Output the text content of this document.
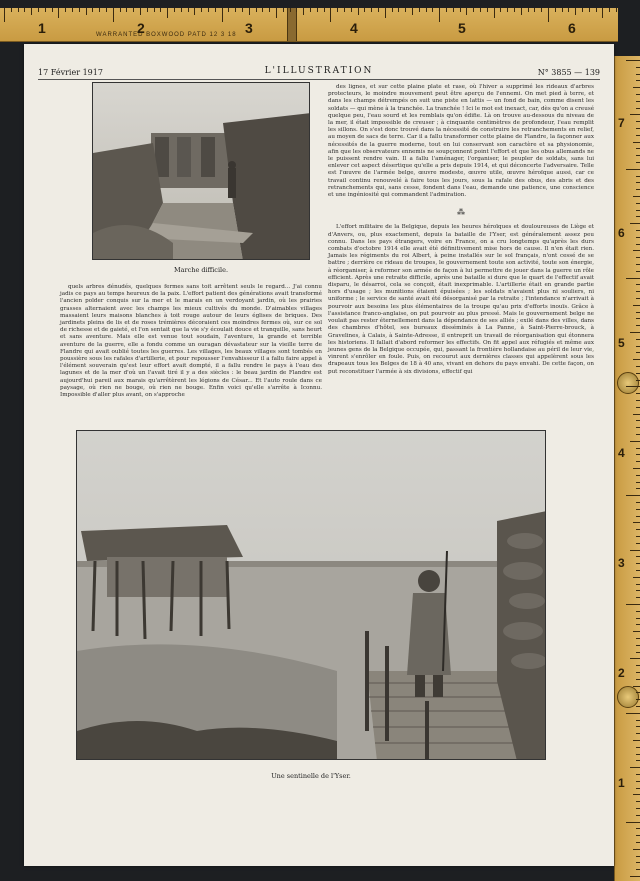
WARRANTED BOXWOOD PATD 12 3 18
1	2	3	4	5	6
7
6
5
4
3
2
1
17 Février 1917	L'ILLUSTRATION	N° 3855 — 139
Marche difficile.

des lignes, et sur cette plaine plate et rase, où l'hiver a supprimé les rideaux d'arbres protecteurs, le moindre mouvement peut être aperçu de l'ennemi. On met pied à terre, et dans les champs détrempés on suit une piste en lattis — un fond de bain, comme disent les soldats — qui mène à la tranchée. La tranchée ! Ici le mot est inexact, car, dès qu'on a creusé quelque peu, l'eau sourd et les remblais qu'on édifie. Là on trouve au-dessous du niveau de la mer, il était impossible de creuser ; à cinquante centimètres de profondeur, l'eau remplit les sillons. On s'est donc trouvé dans la nécessité de construire les retranchements en relief, au moyen de sacs de terre. Car il a fallu transformer cette plaine de Flandre, la façonner aux nécessités de la guerre moderne, tout en lui conservant son caractère et sa physionomie, afin que les observateurs ennemis ne soupçonnent point l'effort et que les obus allemands ne le puissent rendre vain. Il a fallu l'aménager, l'organiser, le peupler de soldats, sans lui enlever cet aspect désertique qu'elle a pris depuis 1914, et qui déconcerte l'adversaire. Telle est l'œuvre de l'armée belge, œuvre modeste, œuvre utile, œuvre héroïque aussi, car ce travail continu renouvelé à faire tous les jours, sous la rafale des obus, des abris et des retranchements qui, sans cesse, fondent dans l'eau, demande une patience, une conscience et une ingéniosité qui commandent l'admiration.

⁂

L'effort militaire de la Belgique, depuis les heures héroïques et douloureuses de Liège et d'Anvers, ou, plus exactement, depuis la bataille de l'Yser, est généralement assez peu connu. Dans les pays étrangers, voire en France, on a cru longtemps qu'après les durs combats d'octobre 1914 elle avait été définitivement mise hors de cause. Il n'en était rien. Jamais les régiments du roi Albert, à peine installés sur le sol français, n'ont cessé de se battre ; derrière ce rideau de troupes, le gouvernement toute son activité, toute son énergie, à réorganiser, à reformer son armée de façon à lui permettre de jouer dans la guerre un rôle efficient. Après une retraite difficile, après une bataille si dure que le quart de l'effectif avait disparu, le désarroi, cela se conçoit, était inexprimable. L'artillerie était en grande partie hors d'usage ; les munitions étaient épuisées ; les soldats n'avaient plus ni souliers, ni uniforme ; le service de santé avait été désorganisé par la retraite ; l'intendance n'arrivait à pourvoir aux besoins les plus élémentaires de la troupe qu'au prix d'efforts inouïs. Grâce à l'assistance franco-anglaise, on put pourvoir au plus pressé. Mais le gouvernement belge ne voulait pas rester éternellement dans la dépendance de ses alliés ; exilé dans des villes, dans des chambres d'hôtel, ses bureaux disséminés à La Panne, à Saint-Pierre-brouck, à Gravelines, à Calais, à Sainte-Adresse, il entreprit un travail de réorganisation qui étonnera les historiens. Il fallait d'abord reformer les effectifs. On fit appel aux réfugiés et même aux jeunes gens de la Belgique occupée, qui, passant la frontière hollandaise au péril de leur vie, vinrent s'enrôler en foule. Puis, on recourut aux dernières classes qui appelèrent sous les drapeaux tous les Belges de 18 à 40 ans, vivant en dehors du pays envahi. De cette façon, on put reconstituer l'armée à six divisions, effectif qui

quels arbres dénudés, quelques fermes sans toit arrêtent seuls le regard... J'ai connu jadis ce pays au temps heureux de la paix. L'effort patient des générations avait transformé l'ancien polder conquis sur la mer et le marais en un verdoyant jardin, où les prairies grasses alternaient avec les champs les mieux cultivés du monde. D'aimables villages massaient leurs maisons blanches à toit rouge autour de leurs églises de briques. Des jardinets pleins de lis et de roses trémières décoraient ces moindres fermes où, sur ce sol de richesse et de gaieté, et l'on sentait que la vie s'y écoulait douce et tranquille, sans heurt et sans aventure. Mais elle est venue tout soudain, l'aventure, la grande et terrible aventure de la guerre, elle a fondu comme un ouragan dévastateur sur la vieille terre de Flandre qui avait oublié toutes les guerres. Les villages, les beaux villages sont tombés en poussière sous les rafales d'artillerie, et pour repousser l'envahisseur il a fallu faire appel à l'élément souverain qu'est leur effort avait dompté, il a fallu rendre le pays à l'eau des lagunes et de la mer d'où un l'avait tiré il y a des siècles : le beau jardin de Flandre est aujourd'hui pareil aux marais qu'arrêtèrent les légions de César... Et l'auto roule dans ce paysage, où rien ne bouge, où rien ne bouge. Enfin voici qu'elle s'arrête à Iconnu. Impossible d'aller plus avant, on s'approche

Une sentinelle de l'Yser.
